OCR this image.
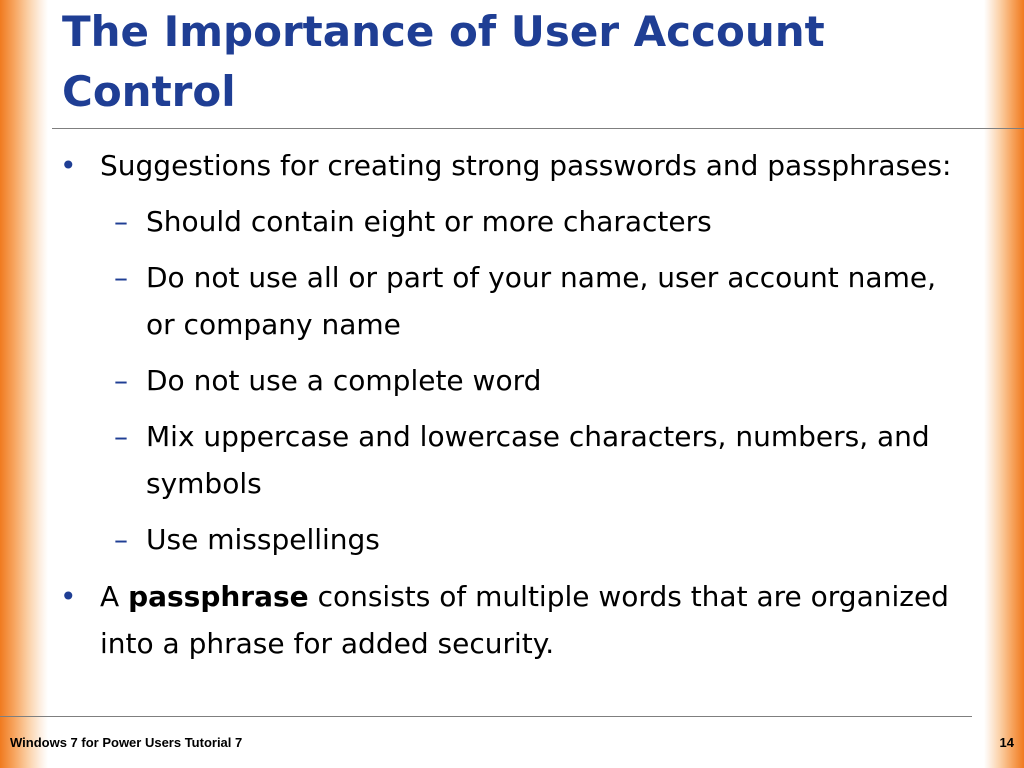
The Importance of User Account Control

• Suggestions for creating strong passwords and passphrases:

– Should contain eight or more characters

– Do not use all or part of your name, user account name, or company name

– Do not use a complete word

– Mix uppercase and lowercase characters, numbers, and symbols

– Use misspellings

• A passphrase consists of multiple words that are organized into a phrase for added security.

Windows 7 for Power Users Tutorial 7	14
